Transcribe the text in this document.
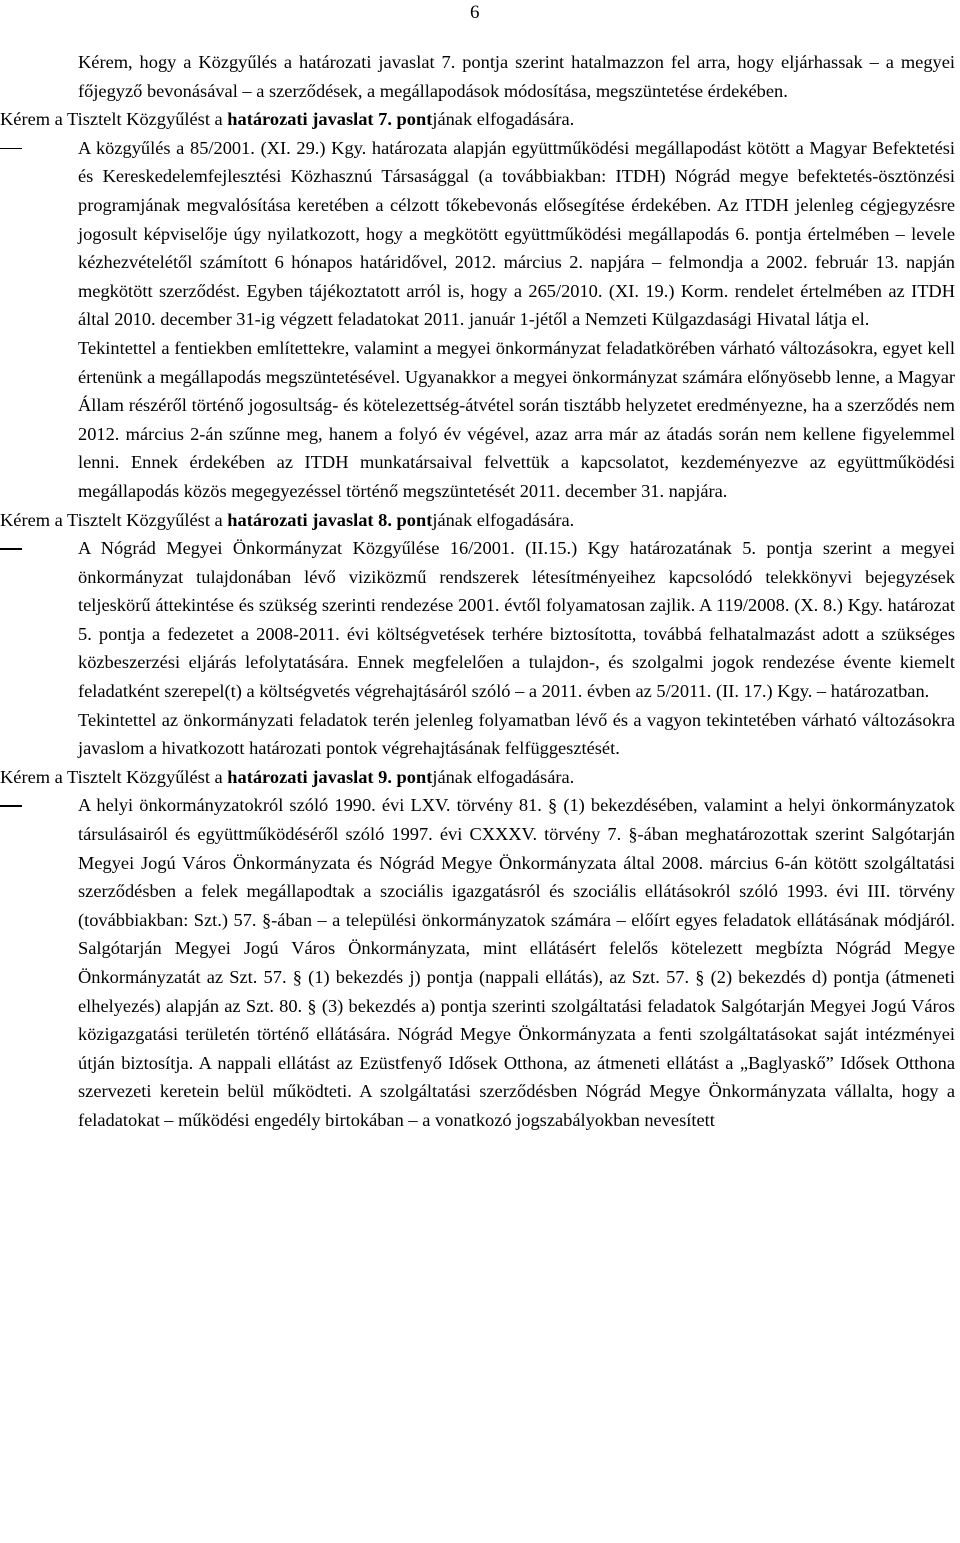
6

Kérem, hogy a Közgyűlés a határozati javaslat 7. pontja szerint hatalmazzon fel arra, hogy eljárhassak – a megyei főjegyző bevonásával – a szerződések, a megállapodások módosítása, megszüntetése érdekében.

Kérem a Tisztelt Közgyűlést a határozati javaslat 7. pontjának elfogadására.

A közgyűlés a 85/2001. (XI. 29.) Kgy. határozata alapján együttműködési megállapodást kötött a Magyar Befektetési és Kereskedelemfejlesztési Közhasznú Társasággal (a továbbiakban: ITDH) Nógrád megye befektetés-ösztönzési programjának megvalósítása keretében a célzott tőkebevonás elősegítése érdekében. Az ITDH jelenleg cégjegyzésre jogosult képviselője úgy nyilatkozott, hogy a megkötött együttműködési megállapodás 6. pontja értelmében – levele kézhezvételétől számított 6 hónapos határidővel, 2012. március 2. napjára – felmondja a 2002. február 13. napján megkötött szerződést. Egyben tájékoztatott arról is, hogy a 265/2010. (XI. 19.) Korm. rendelet értelmében az ITDH által 2010. december 31-ig végzett feladatokat 2011. január 1-jétől a Nemzeti Külgazdasági Hivatal látja el.

Tekintettel a fentiekben említettekre, valamint a megyei önkormányzat feladatkörében várható változásokra, egyet kell értenünk a megállapodás megszüntetésével. Ugyanakkor a megyei önkormányzat számára előnyösebb lenne, a Magyar Állam részéről történő jogosultság- és kötelezettség-átvétel során tisztább helyzetet eredményezne, ha a szerződés nem 2012. március 2-án szűnne meg, hanem a folyó év végével, azaz arra már az átadás során nem kellene figyelemmel lenni. Ennek érdekében az ITDH munkatársaival felvettük a kapcsolatot, kezdeményezve az együttműködési megállapodás közös megegyezéssel történő megszüntetését 2011. december 31. napjára.

Kérem a Tisztelt Közgyűlést a határozati javaslat 8. pontjának elfogadására.

A Nógrád Megyei Önkormányzat Közgyűlése 16/2001. (II.15.) Kgy határozatának 5. pontja szerint a megyei önkormányzat tulajdonában lévő viziközmű rendszerek létesítményeihez kapcsolódó telekkönyvi bejegyzések teljeskörű áttekintése és szükség szerinti rendezése 2001. évtől folyamatosan zajlik. A 119/2008. (X. 8.) Kgy. határozat 5. pontja a fedezetet a 2008-2011. évi költségvetések terhére biztosította, továbbá felhatalmazást adott a szükséges közbeszerzési eljárás lefolytatására. Ennek megfelelően a tulajdon-, és szolgalmi jogok rendezése évente kiemelt feladatként szerepel(t) a költségvetés végrehajtásáról szóló – a 2011. évben az 5/2011. (II. 17.) Kgy. – határozatban.

Tekintettel az önkormányzati feladatok terén jelenleg folyamatban lévő és a vagyon tekintetében várható változásokra javaslom a hivatkozott határozati pontok végrehajtásának felfüggesztését.

Kérem a Tisztelt Közgyűlést a határozati javaslat 9. pontjának elfogadására.

A helyi önkormányzatokról szóló 1990. évi LXV. törvény 81. § (1) bekezdésében, valamint a helyi önkormányzatok társulásairól és együttműködéséről szóló 1997. évi CXXXV. törvény 7. §-ában meghatározottak szerint Salgótarján Megyei Jogú Város Önkormányzata és Nógrád Megye Önkormányzata által 2008. március 6-án kötött szolgáltatási szerződésben a felek megállapodtak a szociális igazgatásról és szociális ellátásokról szóló 1993. évi III. törvény (továbbiakban: Szt.) 57. §-ában – a települési önkormányzatok számára – előírt egyes feladatok ellátásának módjáról. Salgótarján Megyei Jogú Város Önkormányzata, mint ellátásért felelős kötelezett megbízta Nógrád Megye Önkormányzatát az Szt. 57. § (1) bekezdés j) pontja (nappali ellátás), az Szt. 57. § (2) bekezdés d) pontja (átmeneti elhelyezés) alapján az Szt. 80. § (3) bekezdés a) pontja szerinti szolgáltatási feladatok Salgótarján Megyei Jogú Város közigazgatási területén történő ellátására. Nógrád Megye Önkormányzata a fenti szolgáltatásokat saját intézményei útján biztosítja. A nappali ellátást az Ezüstfenyő Idősek Otthona, az átmeneti ellátást a „Baglyaskő” Idősek Otthona szervezeti keretein belül működteti. A szolgáltatási szerződésben Nógrád Megye Önkormányzata vállalta, hogy a feladatokat – működési engedély birtokában – a vonatkozó jogszabályokban nevesített
